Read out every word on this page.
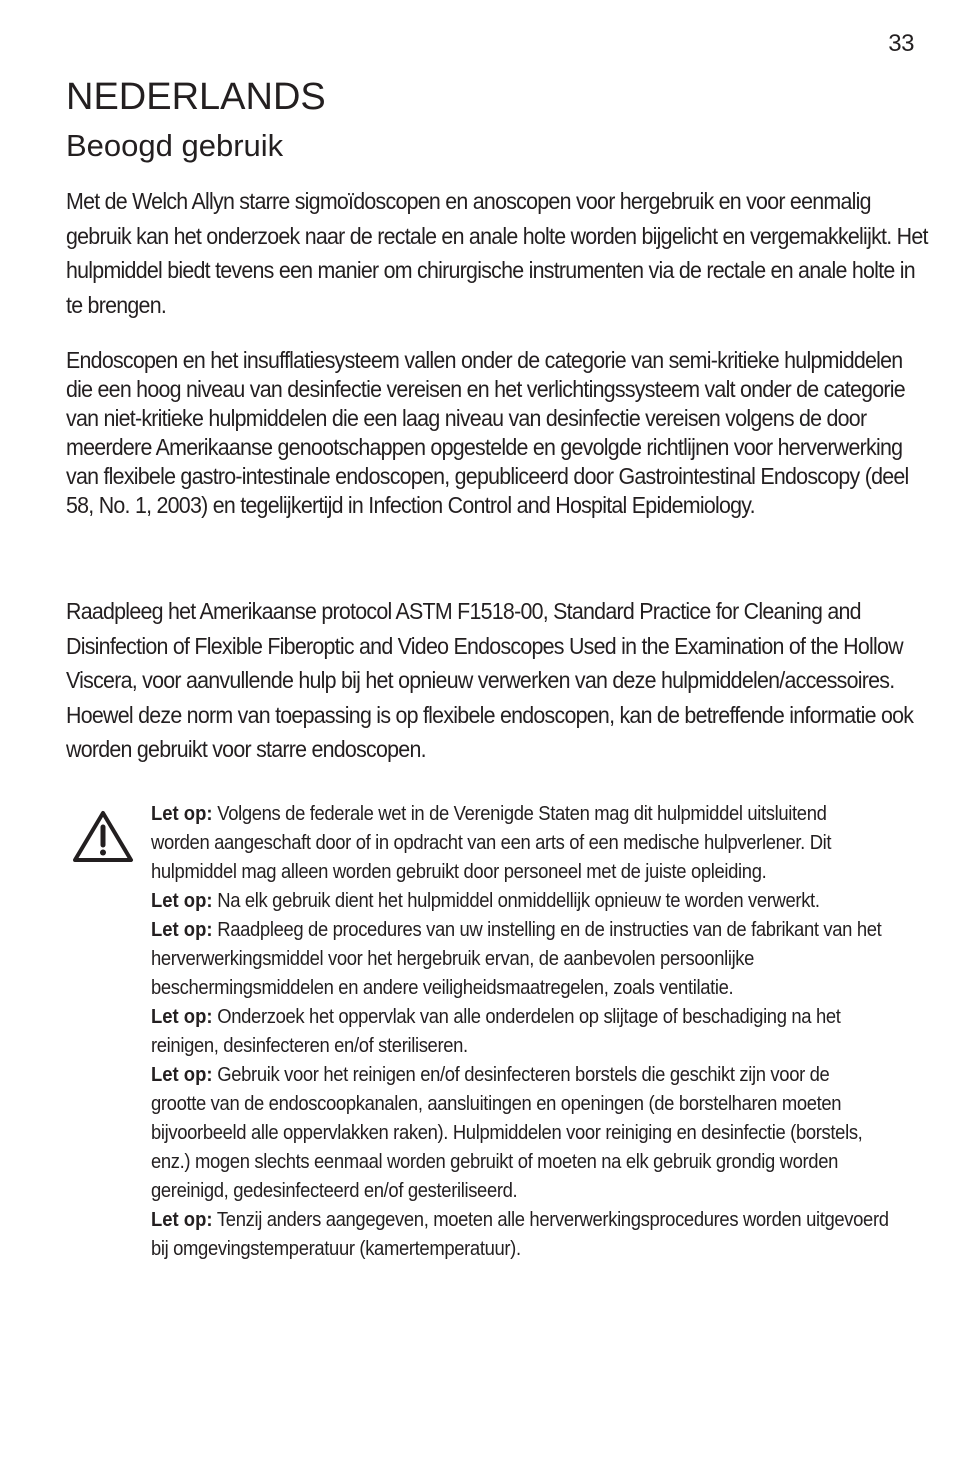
33
NEDERLANDS
Beoogd gebruik

Met de Welch Allyn starre sigmoïdoscopen en anoscopen voor hergebruik en voor eenmalig gebruik kan het onderzoek naar de rectale en anale holte worden bijgelicht en vergemakkelijkt. Het hulpmiddel biedt tevens een manier om chirurgische instrumenten via de rectale en anale holte in te brengen.

Endoscopen en het insufflatiesysteem vallen onder de categorie van semi-kritieke hulpmiddelen die een hoog niveau van desinfectie vereisen en het verlichtingssysteem valt onder de categorie van niet-kritieke hulpmiddelen die een laag niveau van desinfectie vereisen volgens de door meerdere Amerikaanse genootschappen opgestelde en gevolgde richtlijnen voor herverwerking van flexibele gastro-intestinale endoscopen, gepubliceerd door Gastrointestinal Endoscopy (deel 58, No. 1, 2003) en tegelijkertijd in Infection Control and Hospital Epidemiology.

Raadpleeg het Amerikaanse protocol ASTM F1518-00, Standard Practice for Cleaning and Disinfection of Flexible Fiberoptic and Video Endoscopes Used in the Examination of the Hollow Viscera, voor aanvullende hulp bij het opnieuw verwerken van deze hulpmiddelen/accessoires. Hoewel deze norm van toepassing is op flexibele endoscopen, kan de betreffende informatie ook worden gebruikt voor starre endoscopen.

Let op: Volgens de federale wet in de Verenigde Staten mag dit hulpmiddel uitsluitend worden aangeschaft door of in opdracht van een arts of een medische hulpverlener. Dit hulpmiddel mag alleen worden gebruikt door personeel met de juiste opleiding.

Let op: Na elk gebruik dient het hulpmiddel onmiddellijk opnieuw te worden verwerkt.

Let op: Raadpleeg de procedures van uw instelling en de instructies van de fabrikant van het herverwerkingsmiddel voor het hergebruik ervan, de aanbevolen persoonlijke beschermingsmiddelen en andere veiligheidsmaatregelen, zoals ventilatie.

Let op: Onderzoek het oppervlak van alle onderdelen op slijtage of beschadiging na het reinigen, desinfecteren en/of steriliseren.

Let op: Gebruik voor het reinigen en/of desinfecteren borstels die geschikt zijn voor de grootte van de endoscoopkanalen, aansluitingen en openingen (de borstelharen moeten bijvoorbeeld alle oppervlakken raken). Hulpmiddelen voor reiniging en desinfectie (borstels, enz.) mogen slechts eenmaal worden gebruikt of moeten na elk gebruik grondig worden gereinigd, gedesinfecteerd en/of gesteriliseerd.

Let op: Tenzij anders aangegeven, moeten alle herverwerkingsprocedures worden uitgevoerd bij omgevingstemperatuur (kamertemperatuur).
